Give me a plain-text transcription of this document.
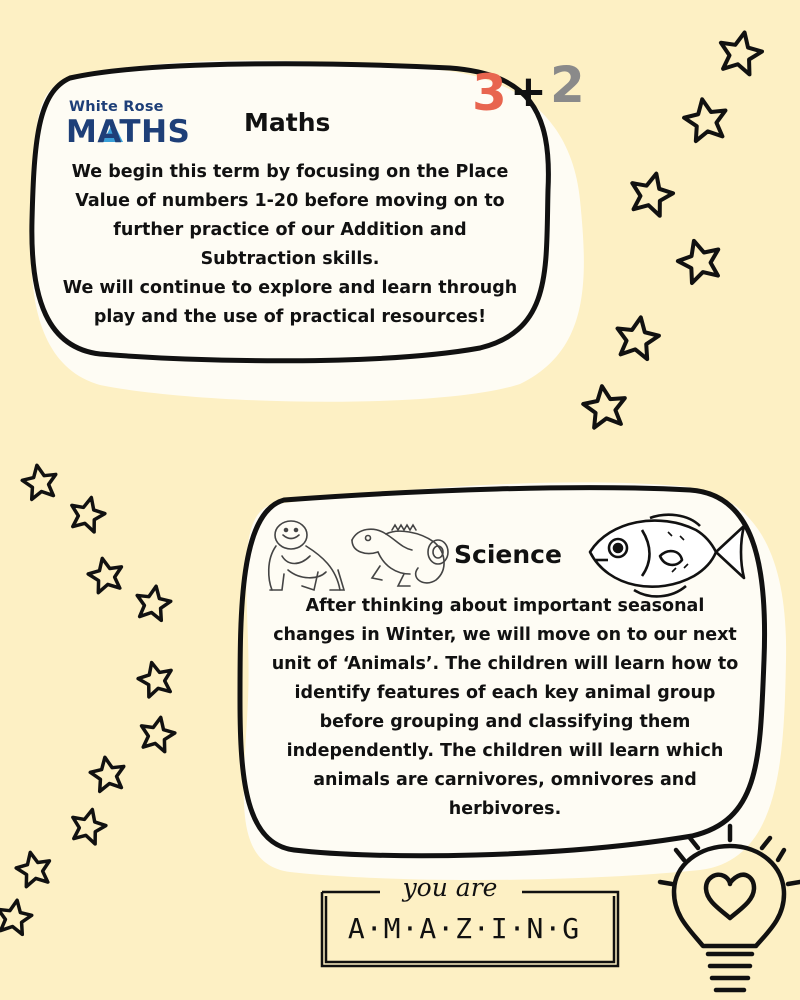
White Rose
MATHS Maths
3 + 2
We begin this term by focusing on the Place
Value of numbers 1-20 before moving on to
further practice of our Addition and
Subtraction skills.
We will continue to explore and learn through
play and the use of practical resources!
Science
After thinking about important seasonal
changes in Winter, we will move on to our next
unit of ‘Animals’. The children will learn how to
identify features of each key animal group
before grouping and classifying them
independently. The children will learn which
animals are carnivores, omnivores and
herbivores.
you are
A·M·A·Z·I·N·G
